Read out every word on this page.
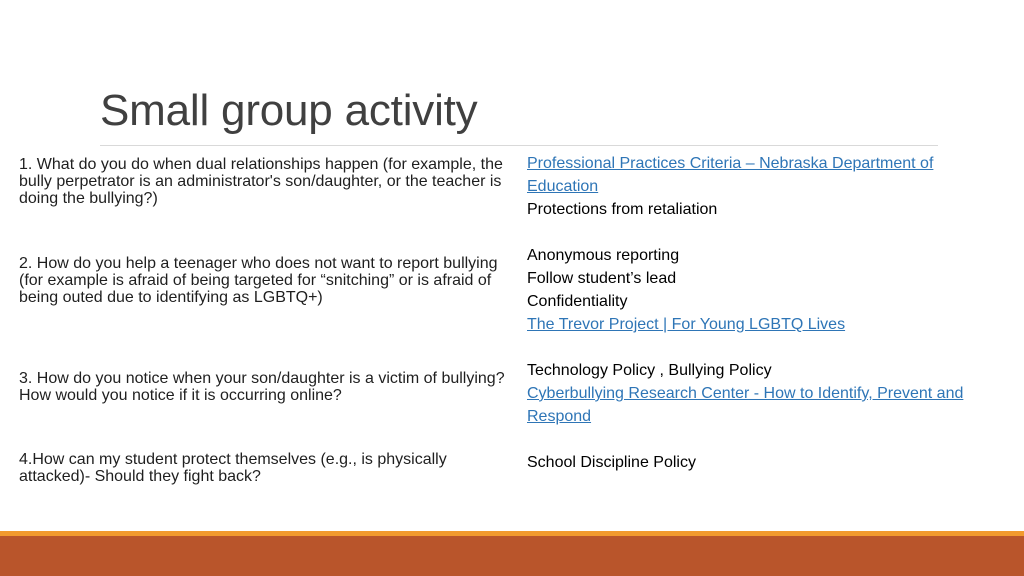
Small group activity

1. What do you do when dual relationships happen (for example, the bully perpetrator is an administrator's son/daughter, or the teacher is doing the bullying?)

2. How do you help a teenager who does not want to report bullying (for example is afraid of being targeted for “snitching” or is afraid of being outed due to identifying as LGBTQ+)

3. How do you notice when your son/daughter is a victim of bullying? How would you notice if it is occurring online?

4.How can my student protect themselves (e.g., is physically attacked)- Should they fight back?

Professional Practices Criteria – Nebraska Department of Education

Protections from retaliation

Anonymous reporting

Follow student’s lead

Confidentiality

The Trevor Project | For Young LGBTQ Lives

Technology Policy , Bullying Policy

Cyberbullying Research Center - How to Identify, Prevent and Respond

School Discipline Policy
